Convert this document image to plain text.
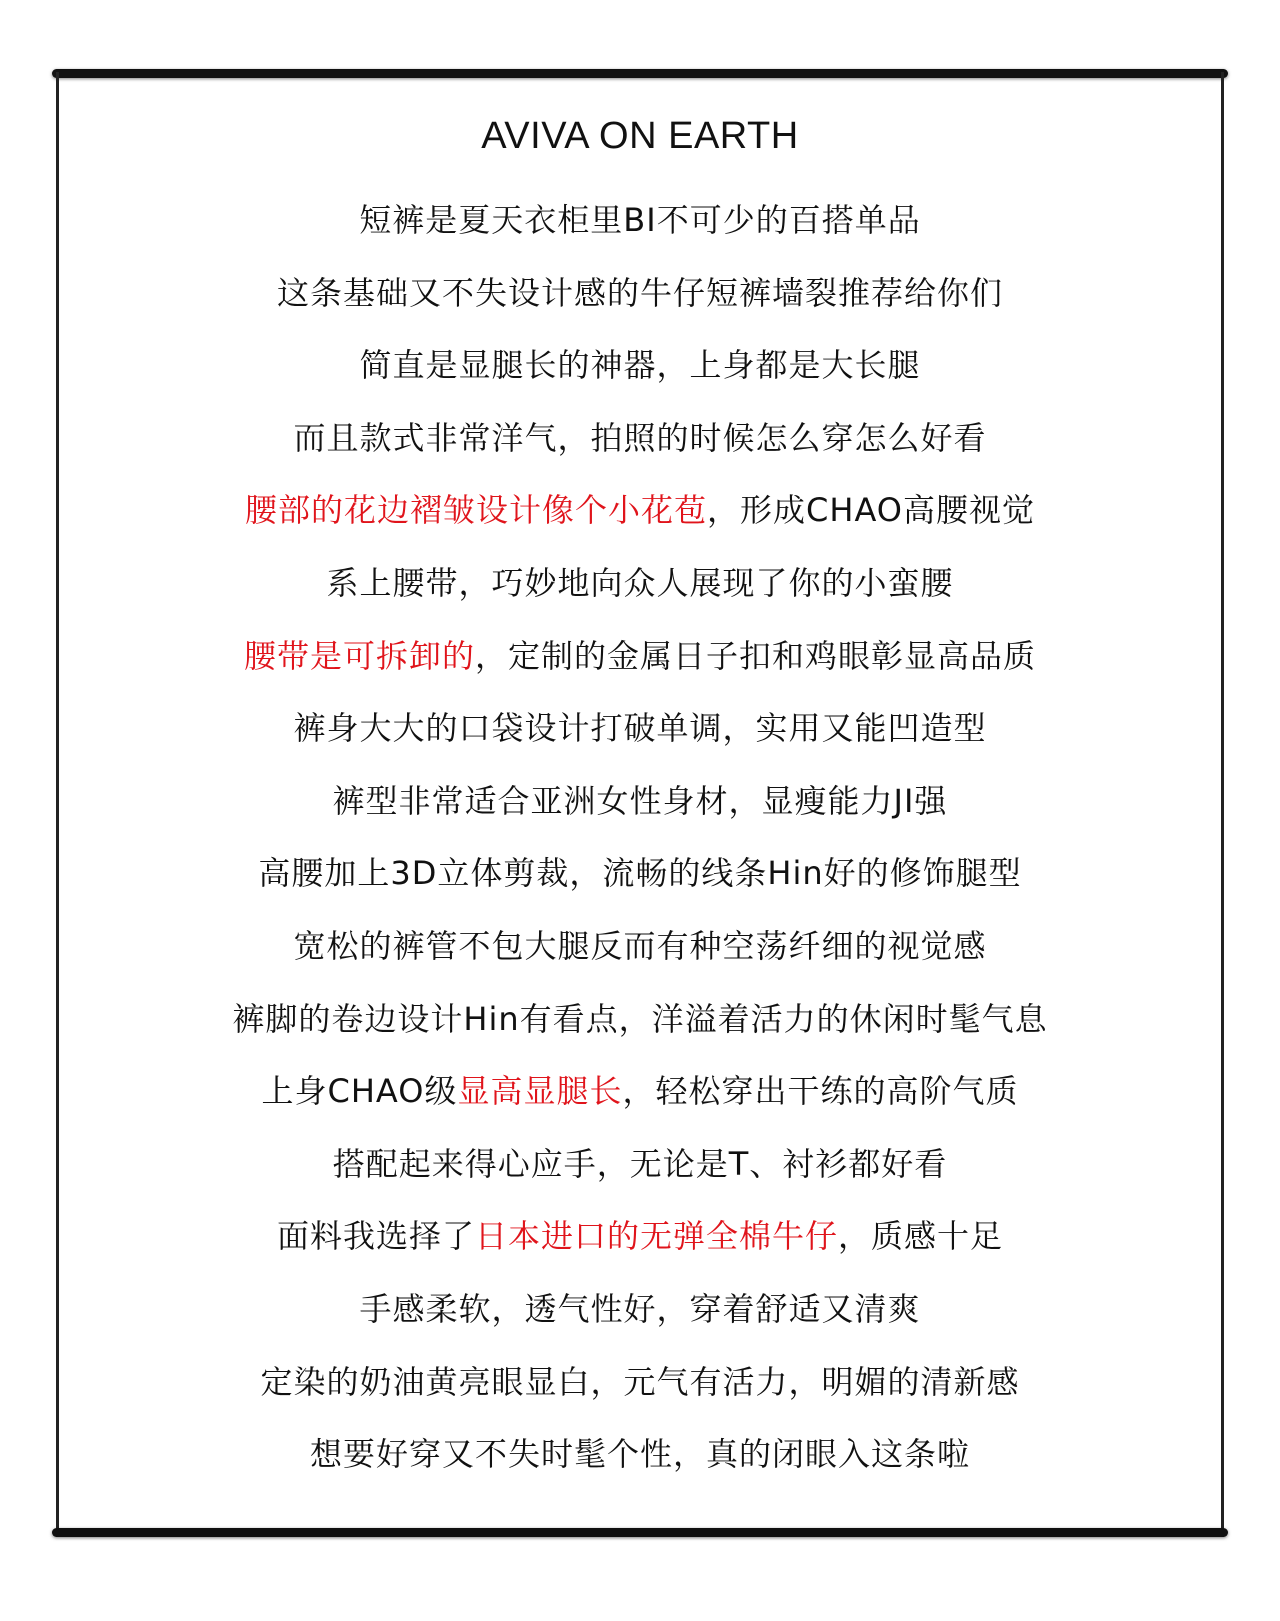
AVIVA ON EARTH
短裤是夏天衣柜里BI不可少的百搭单品
这条基础又不失设计感的牛仔短裤墙裂推荐给你们
简直是显腿长的神器，上身都是大长腿
而且款式非常洋气，拍照的时候怎么穿怎么好看
腰部的花边褶皱设计像个小花苞，形成CHAO高腰视觉
系上腰带，巧妙地向众人展现了你的小蛮腰
腰带是可拆卸的，定制的金属日子扣和鸡眼彰显高品质
裤身大大的口袋设计打破单调，实用又能凹造型
裤型非常适合亚洲女性身材，显瘦能力JI强
高腰加上3D立体剪裁，流畅的线条Hin好的修饰腿型
宽松的裤管不包大腿反而有种空荡纤细的视觉感
裤脚的卷边设计Hin有看点，洋溢着活力的休闲时髦气息
上身CHAO级显高显腿长，轻松穿出干练的高阶气质
搭配起来得心应手，无论是T、衬衫都好看
面料我选择了日本进口的无弹全棉牛仔，质感十足
手感柔软，透气性好，穿着舒适又清爽
定染的奶油黄亮眼显白，元气有活力，明媚的清新感
想要好穿又不失时髦个性，真的闭眼入这条啦
